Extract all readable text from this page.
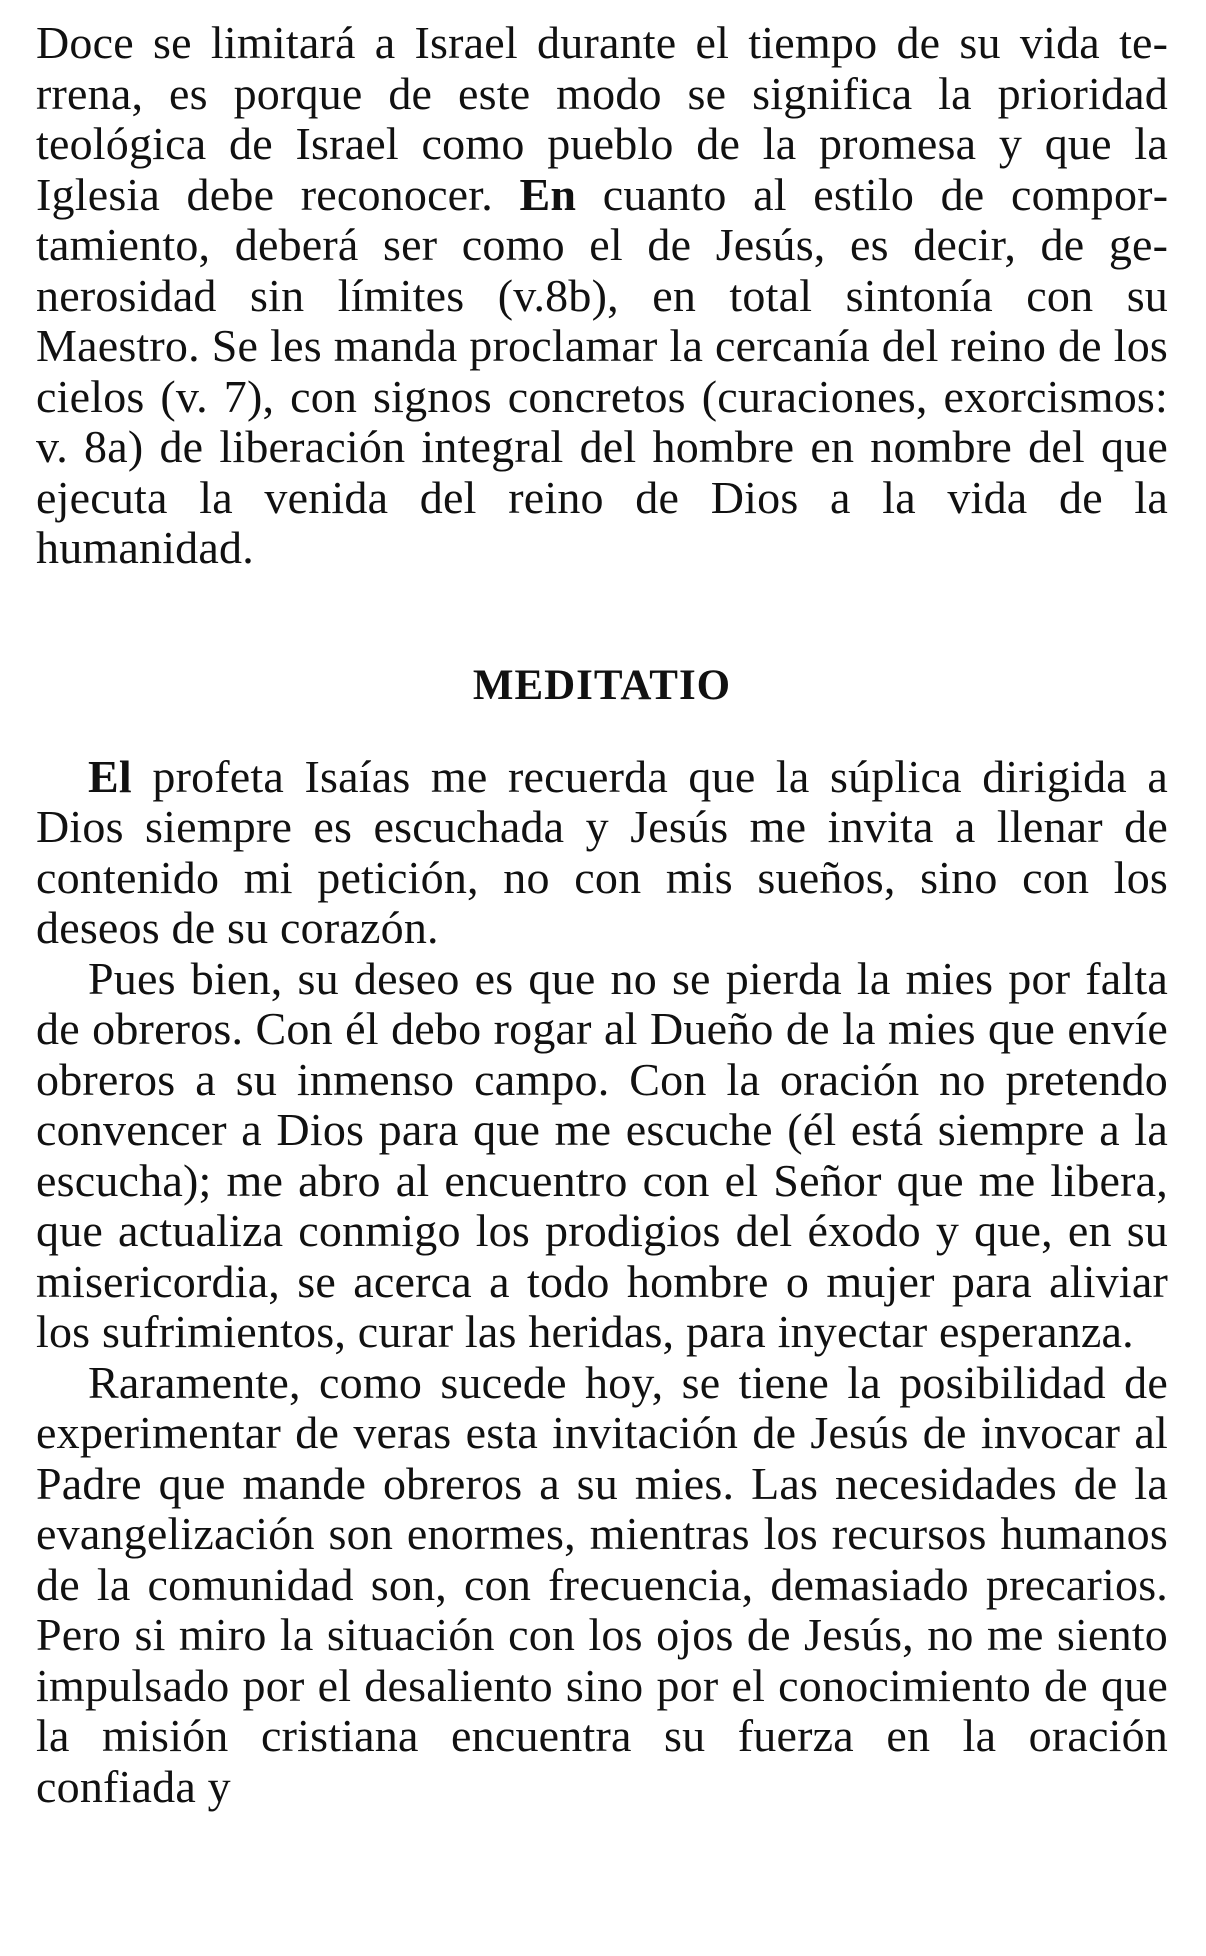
Doce se limitará a Israel durante el tiempo de su vida terrena, es porque de este modo se significa la prioridad teológica de Israel como pueblo de la promesa y que la Iglesia debe reconocer. En cuanto al estilo de comportamiento, deberá ser como el de Jesús, es decir, de generosidad sin límites (v.8b), en total sintonía con su Maestro. Se les manda proclamar la cercanía del reino de los cielos (v. 7), con signos concretos (curaciones, exorcismos: v. 8a) de liberación integral del hombre en nombre del que ejecuta la venida del reino de Dios a la vida de la humanidad.

MEDITATIO

El profeta Isaías me recuerda que la súplica dirigida a Dios siempre es escuchada y Jesús me invita a llenar de contenido mi petición, no con mis sueños, sino con los deseos de su corazón.

Pues bien, su deseo es que no se pierda la mies por falta de obreros. Con él debo rogar al Dueño de la mies que envíe obreros a su inmenso campo. Con la oración no pretendo convencer a Dios para que me escuche (él está siempre a la escucha); me abro al encuentro con el Señor que me libera, que actualiza conmigo los prodigios del éxodo y que, en su misericordia, se acerca a todo hombre o mujer para aliviar los sufrimientos, curar las heridas, para inyectar esperanza.

Raramente, como sucede hoy, se tiene la posibilidad de experimentar de veras esta invitación de Jesús de invocar al Padre que mande obreros a su mies. Las necesidades de la evangelización son enormes, mientras los recursos humanos de la comunidad son, con frecuencia, demasiado precarios. Pero si miro la situación con los ojos de Jesús, no me siento impulsado por el desaliento sino por el conocimiento de que la misión cristiana encuentra su fuerza en la oración confiada y
